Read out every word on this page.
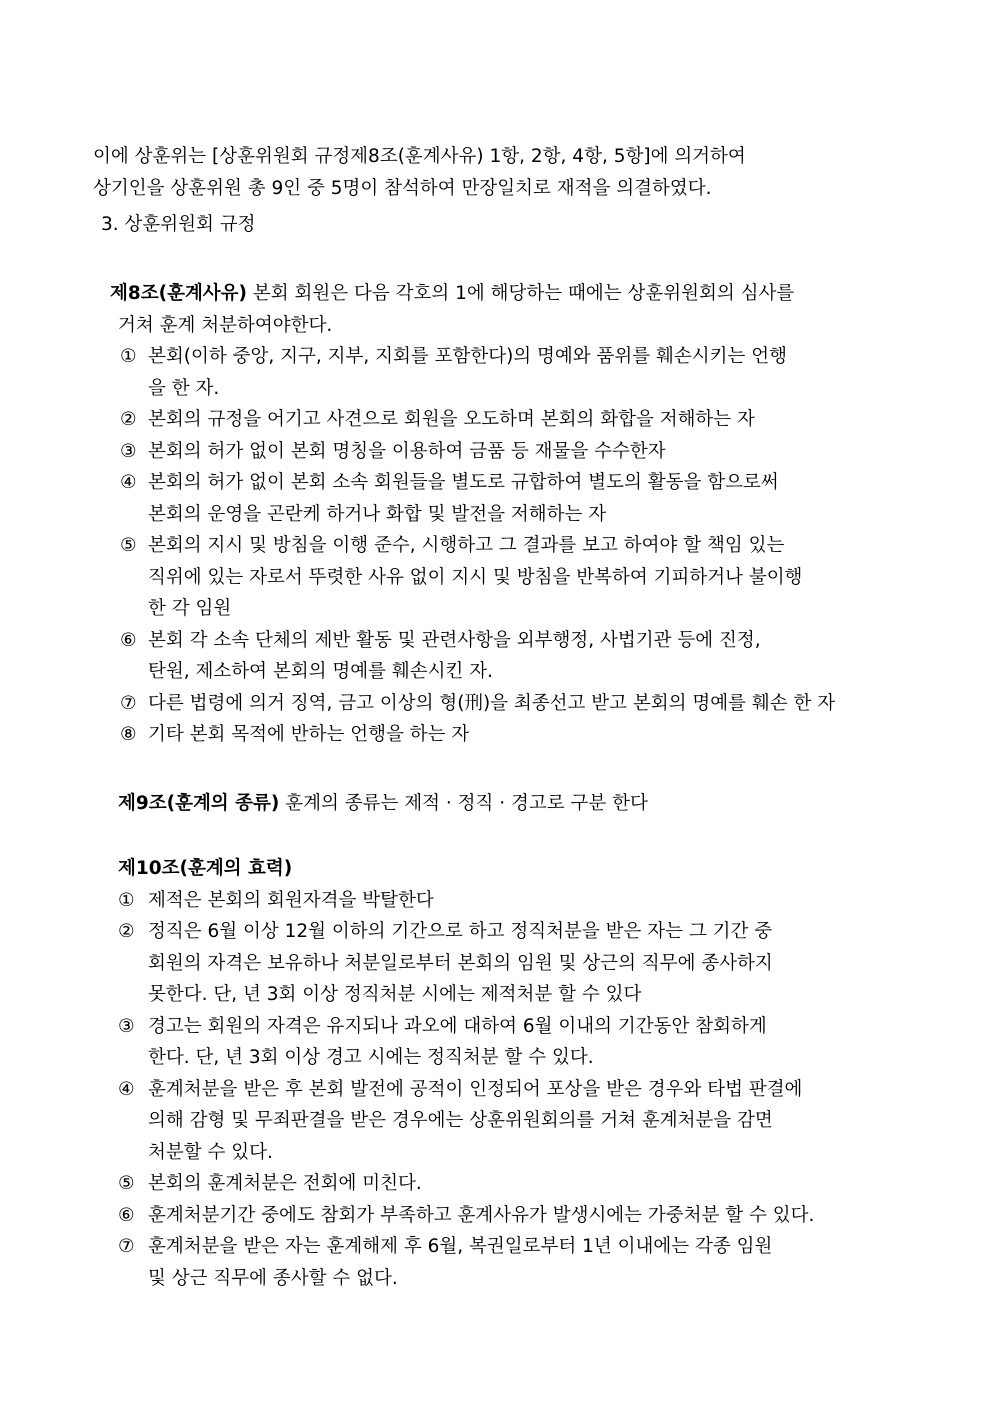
이에 상훈위는 [상훈위원회 규정제8조(훈계사유) 1항, 2항, 4항, 5항]에 의거하여

상기인을 상훈위원 총 9인 중 5명이 참석하여 만장일치로 재적을 의결하였다.

3. 상훈위원회 규정

제8조(훈계사유) 본회 회원은 다음 각호의 1에 해당하는 때에는 상훈위원회의 심사를

거쳐 훈계 처분하여야한다.

① 본회(이하 중앙, 지구, 지부, 지회를 포함한다)의 명예와 품위를 훼손시키는 언행
을 한 자.
② 본회의 규정을 어기고 사견으로 회원을 오도하며 본회의 화합을 저해하는 자
③ 본회의 허가 없이 본회 명칭을 이용하여 금품 등 재물을 수수한자
④ 본회의 허가 없이 본회 소속 회원들을 별도로 규합하여 별도의 활동을 함으로써
본회의 운영을 곤란케 하거나 화합 및 발전을 저해하는 자
⑤ 본회의 지시 및 방침을 이행 준수, 시행하고 그 결과를 보고 하여야 할 책임 있는
직위에 있는 자로서 뚜렷한 사유 없이 지시 및 방침을 반복하여 기피하거나 불이행
한 각 임원
⑥ 본회 각 소속 단체의 제반 활동 및 관련사항을 외부행정, 사법기관 등에 진정,
탄원, 제소하여 본회의 명예를 훼손시킨 자.
⑦ 다른 법령에 의거 징역, 금고 이상의 형(刑)을 최종선고 받고 본회의 명예를 훼손 한 자
⑧ 기타 본회 목적에 반하는 언행을 하는 자

제9조(훈계의 종류) 훈계의 종류는 제적 · 정직 · 경고로 구분 한다

제10조(훈계의 효력)

① 제적은 본회의 회원자격을 박탈한다
② 정직은 6월 이상 12월 이하의 기간으로 하고 정직처분을 받은 자는 그 기간 중
회원의 자격은 보유하나 처분일로부터 본회의 임원 및 상근의 직무에 종사하지
못한다. 단, 년 3회 이상 정직처분 시에는 제적처분 할 수 있다
③ 경고는 회원의 자격은 유지되나 과오에 대하여 6월 이내의 기간동안 참회하게
한다. 단, 년 3회 이상 경고 시에는 정직처분 할 수 있다.
④ 훈계처분을 받은 후 본회 발전에 공적이 인정되어 포상을 받은 경우와 타법 판결에
의해 감형 및 무죄판결을 받은 경우에는 상훈위원회의를 거쳐 훈계처분을 감면
처분할 수 있다.
⑤ 본회의 훈계처분은 전회에 미친다.
⑥ 훈계처분기간 중에도 참회가 부족하고 훈계사유가 발생시에는 가중처분 할 수 있다.
⑦ 훈계처분을 받은 자는 훈계해제 후 6월, 복권일로부터 1년 이내에는 각종 임원
및 상근 직무에 종사할 수 없다.
